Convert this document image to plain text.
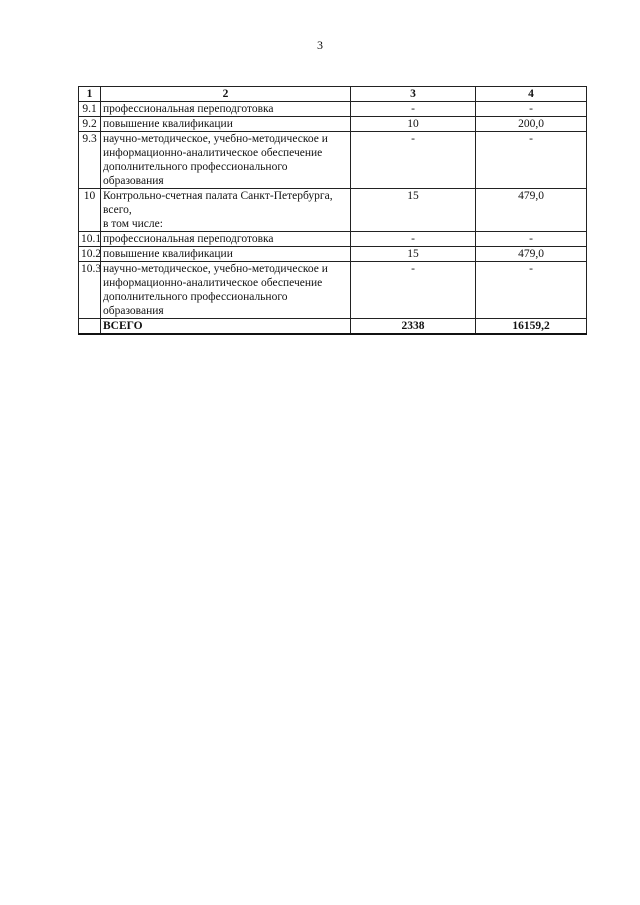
3
1	2	3	4
9.1	профессиональная переподготовка	-	-
9.2	повышение квалификации	10	200,0
9.3	научно-методическое, учебно-методическое и
информационно-аналитическое обеспечение
дополнительного профессионального
образования	-	-
10	Контрольно-счетная палата Санкт-Петербурга,
всего,
в том числе:	15	479,0
10.1	профессиональная переподготовка	-	-
10.2	повышение квалификации	15	479,0
10.3	научно-методическое, учебно-методическое и
информационно-аналитическое обеспечение
дополнительного профессионального
образования	-	-
	ВСЕГО	2338	16159,2
